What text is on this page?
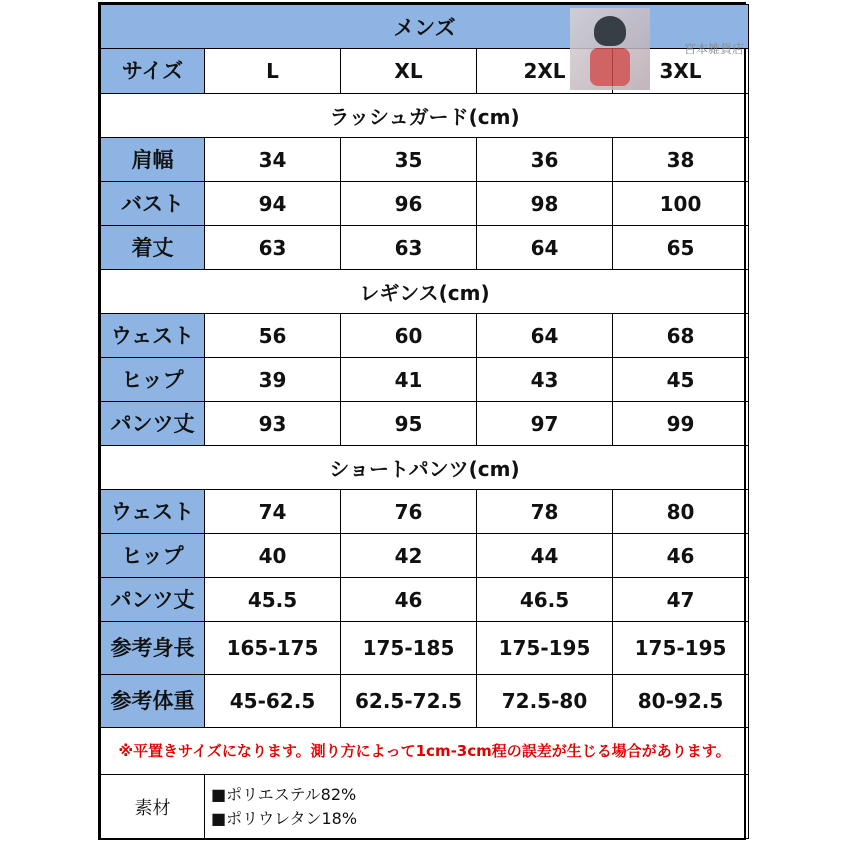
メンズ				
サイズ	L	XL	2XL	3XL
ラッシュガード(cm)				
肩幅	34	35	36	38
バスト	94	96	98	100
着丈	63	63	64	65
レギンス(cm)				
ウェスト	56	60	64	68
ヒップ	39	41	43	45
パンツ丈	93	95	97	99
ショートパンツ(cm)				
ウェスト	74	76	78	80
ヒップ	40	42	44	46
パンツ丈	45.5	46	46.5	47
参考身長	165-175	175-185	175-195	175-195
参考体重	45-62.5	62.5-72.5	72.5-80	80-92.5
※平置きサイズになります。測り方によって1cm-3cm程の誤差が生じる場合があります。				
素材	■ポリエステル82%
■ポリウレタン18%			
宮本雑貨店
